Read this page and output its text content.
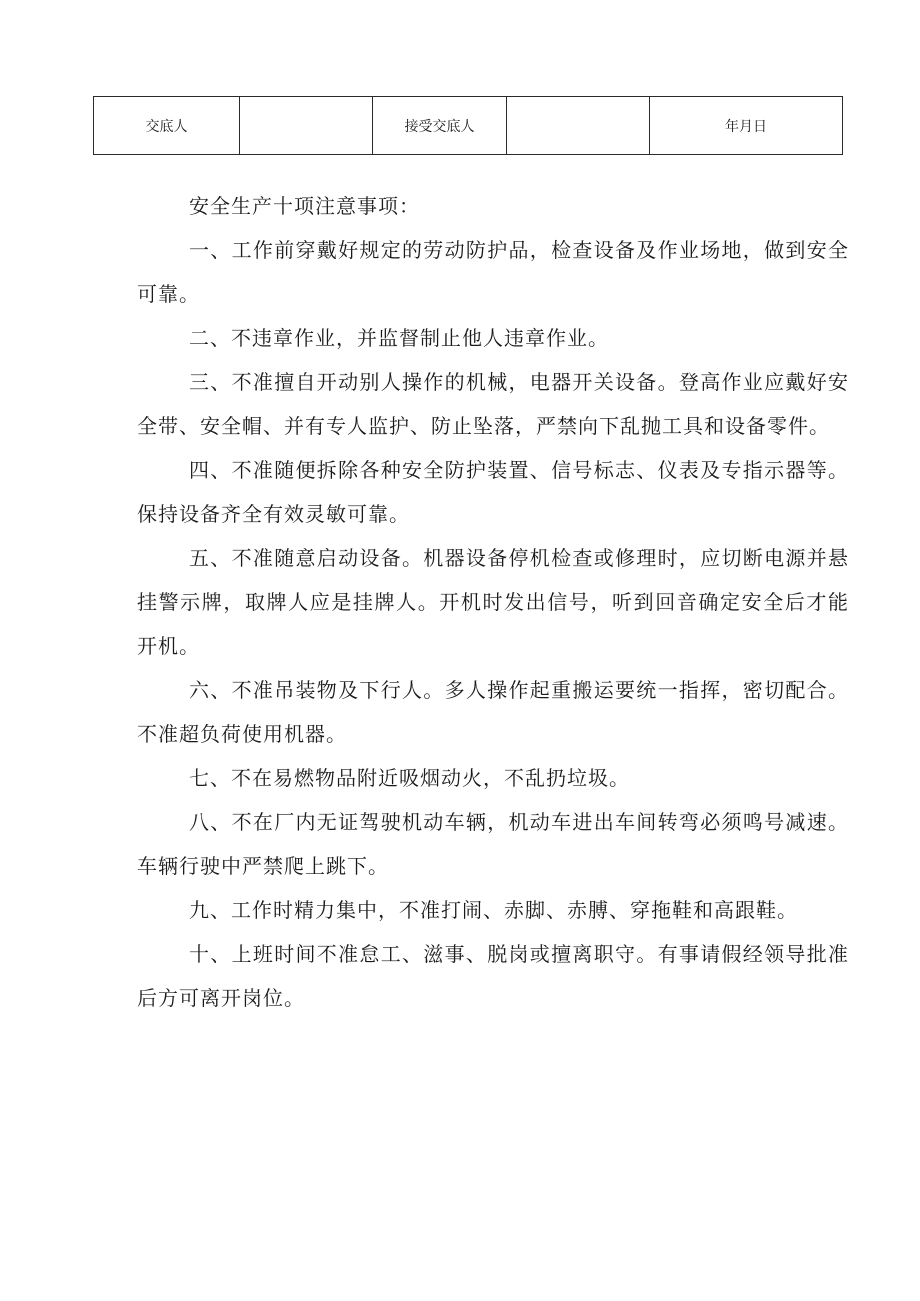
交底人		接受交底人		年月日

安全生产十项注意事项：

一、工作前穿戴好规定的劳动防护品，检查设备及作业场地，做到安全可靠。

二、不违章作业，并监督制止他人违章作业。

三、不准擅自开动别人操作的机械，电器开关设备。登高作业应戴好安全带、安全帽、并有专人监护、防止坠落，严禁向下乱抛工具和设备零件。

四、不准随便拆除各种安全防护装置、信号标志、仪表及专指示器等。保持设备齐全有效灵敏可靠。

五、不准随意启动设备。机器设备停机检查或修理时，应切断电源并悬挂警示牌，取牌人应是挂牌人。开机时发出信号，听到回音确定安全后才能开机。

六、不准吊装物及下行人。多人操作起重搬运要统一指挥，密切配合。不准超负荷使用机器。

七、不在易燃物品附近吸烟动火，不乱扔垃圾。

八、不在厂内无证驾驶机动车辆，机动车进出车间转弯必须鸣号减速。车辆行驶中严禁爬上跳下。

九、工作时精力集中，不准打闹、赤脚、赤膊、穿拖鞋和高跟鞋。

十、上班时间不准怠工、滋事、脱岗或擅离职守。有事请假经领导批准后方可离开岗位。
